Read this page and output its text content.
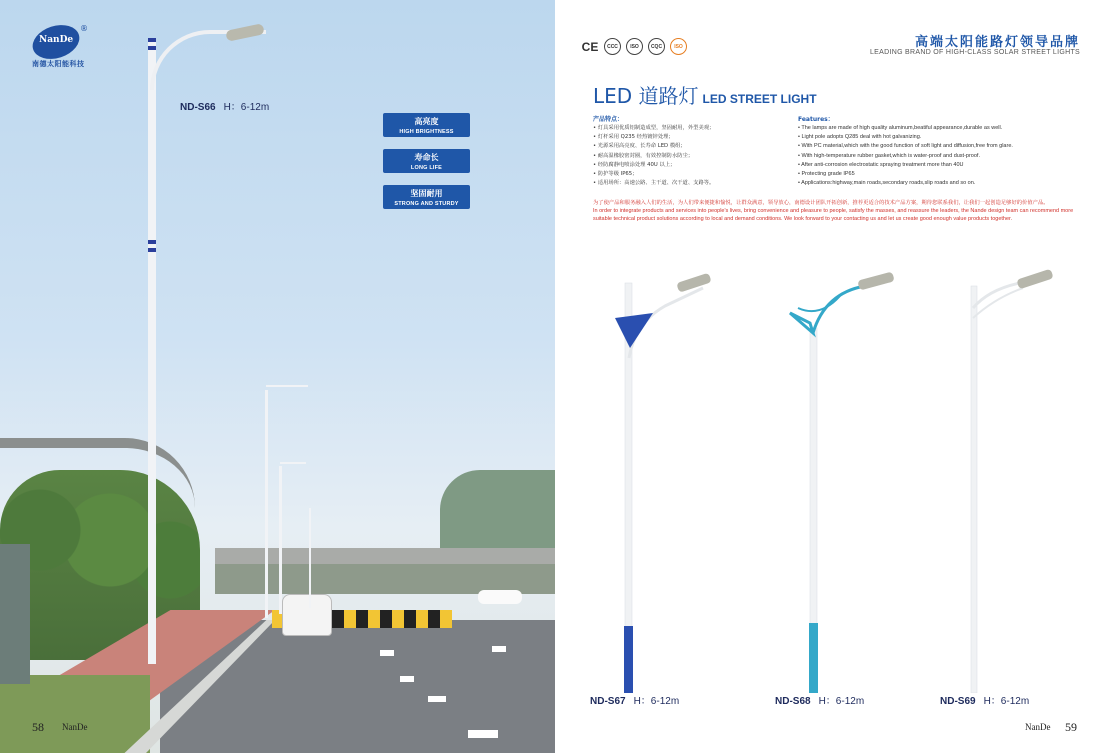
NanDe
®
南德太阳能科技
ND-S66 H：6-12m
高亮度
HIGH BRIGHTNESS
寿命长
LONG LIFE
坚固耐用
STRONG AND STURDY
58 NanDe
CE	CCC	ISO	CQC	ISO	高端太阳能路灯领导品牌
LEADING BRAND OF HIGH-CLASS SOLAR STREET LIGHTS
LED 道路灯 LED STREET LIGHT
产品特点：
• 灯具采用优质铝制造成型，坚固耐用，外型美观；
• 灯杆采用 Q235 经热镀锌处理；
• 光源采用高亮度、长寿命 LED 模组；
• 耐高温橡胶密封圈，有效控制防水防尘；
• 经防腐静电喷涂处理 40U 以上；
• 防护等级 IP65；
• 适用场所：高速公路、主干道、次干道、支路等。
Features：
• The lamps are made of high quality aluminum,beatiful appearance,durable as well.
• Light pole adopts Q285 deal with hot galvanizing.
• With PC material,which with the good function of soft light and diffusion,free from glare.
• With high-temperature rubber gasket,which is water-proof and dust-proof.
• After anti-corrosion electrostatic spraying treatment more than 40U
• Protecting grade IP65
• Applications:highway,main roads,secondary roads,slip roads and so on.
为了使产品和服务融入人们的生活，为人们带来便捷和愉悦，让群众满意，领导放心，南德设计团队开拓创新，推荐更适合的技术产品方案，期待您联系我们，让我们一起创造足够好的价值产品。
In order to integrate products and services into people's lives, bring convenience and pleasure to people, satisfy the masses, and reassure the leaders, the Nande design team can recommend more suitable technical product solutions according to local and demand conditions. We look forward to your contacting us and let us create good enough value products together.
ND-S67 H：6-12m	ND-S68 H：6-12m	ND-S69 H：6-12m
NanDe 59
